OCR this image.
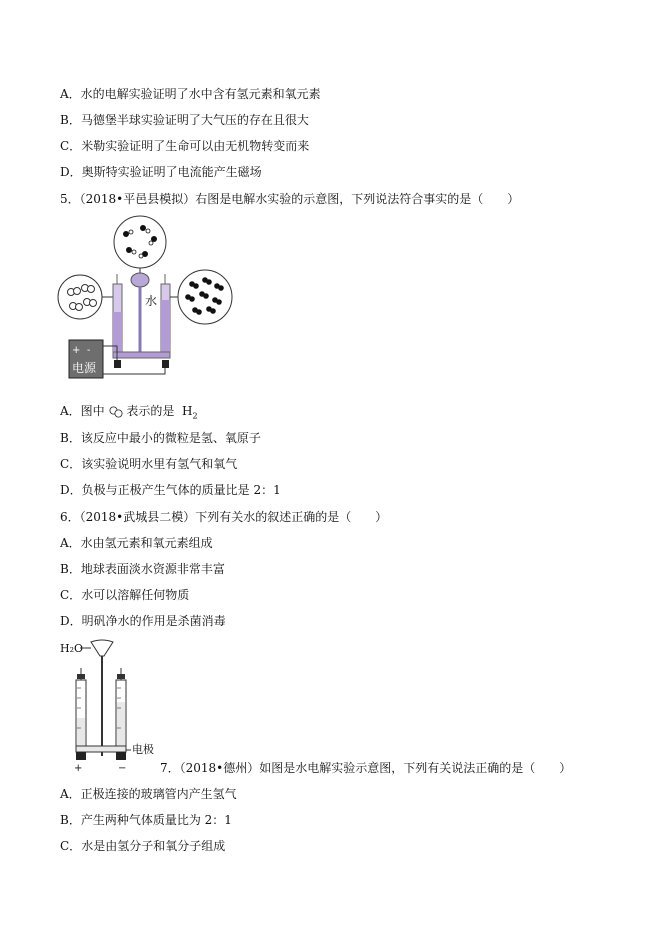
A．水的电解实验证明了水中含有氢元素和氧元素
B．马德堡半球实验证明了大气压的存在且很大
C．米勒实验证明了生命可以由无机物转变而来
D．奥斯特实验证明了电流能产生磁场
5．（2018•平邑县模拟）右图是电解水实验的示意图，下列说法符合事实的是（　　）
水
+ -
电源
A．图中 表示的是 $H_2$
B．该反应中最小的微粒是氢、氧原子
C．该实验说明水里有氢气和氧气
D．负极与正极产生气体的质量比是 2：1
6．（2018•武城县二模）下列有关水的叙述正确的是（　　）
A．水由氢元素和氧元素组成
B．地球表面淡水资源非常丰富
C．水可以溶解任何物质
D．明矾净水的作用是杀菌消毒
H₂O
电极
+	−	7．（2018•德州）如图是水电解实验示意图，下列有关说法正确的是（　　）
A．正极连接的玻璃管内产生氢气
B．产生两种气体质量比为 2：1
C．水是由氢分子和氧分子组成
